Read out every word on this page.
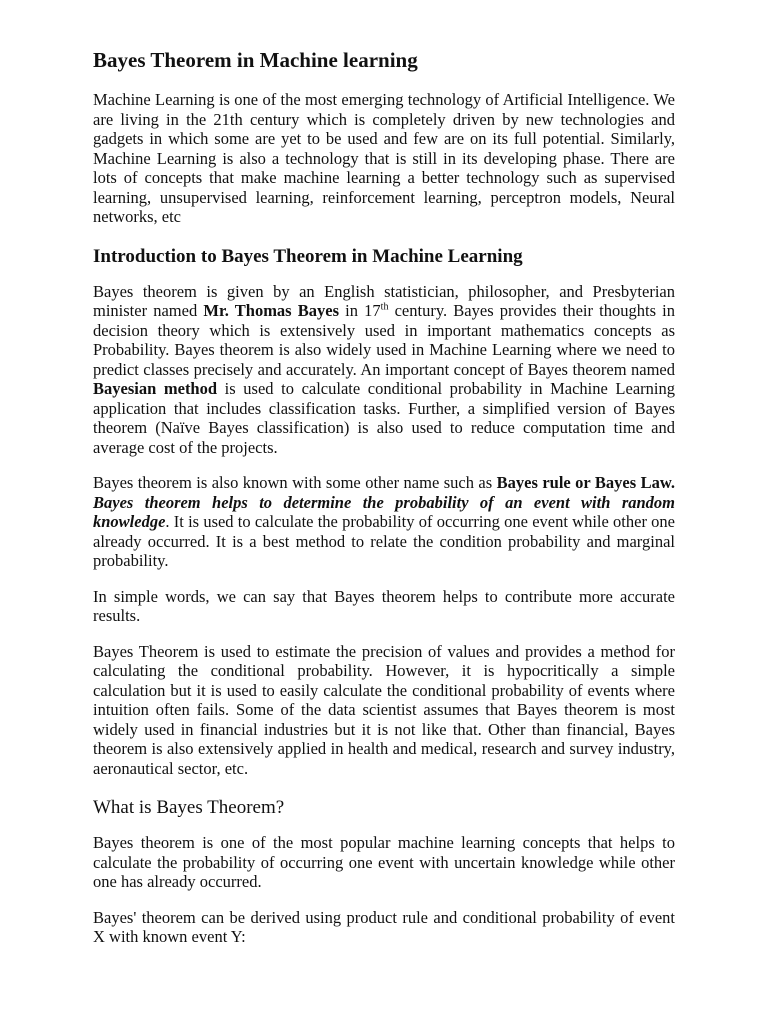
Bayes Theorem in Machine learning

Machine Learning is one of the most emerging technology of Artificial Intelligence. We are living in the 21th century which is completely driven by new technologies and gadgets in which some are yet to be used and few are on its full potential. Similarly, Machine Learning is also a technology that is still in its developing phase. There are lots of concepts that make machine learning a better technology such as supervised learning, unsupervised learning, reinforcement learning, perceptron models, Neural networks, etc

Introduction to Bayes Theorem in Machine Learning

Bayes theorem is given by an English statistician, philosopher, and Presbyterian minister named Mr. Thomas Bayes in 17th century. Bayes provides their thoughts in decision theory which is extensively used in important mathematics concepts as Probability. Bayes theorem is also widely used in Machine Learning where we need to predict classes precisely and accurately. An important concept of Bayes theorem named Bayesian method is used to calculate conditional probability in Machine Learning application that includes classification tasks. Further, a simplified version of Bayes theorem (Naïve Bayes classification) is also used to reduce computation time and average cost of the projects.

Bayes theorem is also known with some other name such as Bayes rule or Bayes Law. Bayes theorem helps to determine the probability of an event with random knowledge. It is used to calculate the probability of occurring one event while other one already occurred. It is a best method to relate the condition probability and marginal probability.

In simple words, we can say that Bayes theorem helps to contribute more accurate results.

Bayes Theorem is used to estimate the precision of values and provides a method for calculating the conditional probability. However, it is hypocritically a simple calculation but it is used to easily calculate the conditional probability of events where intuition often fails. Some of the data scientist assumes that Bayes theorem is most widely used in financial industries but it is not like that. Other than financial, Bayes theorem is also extensively applied in health and medical, research and survey industry, aeronautical sector, etc.

What is Bayes Theorem?

Bayes theorem is one of the most popular machine learning concepts that helps to calculate the probability of occurring one event with uncertain knowledge while other one has already occurred.

Bayes' theorem can be derived using product rule and conditional probability of event X with known event Y:
